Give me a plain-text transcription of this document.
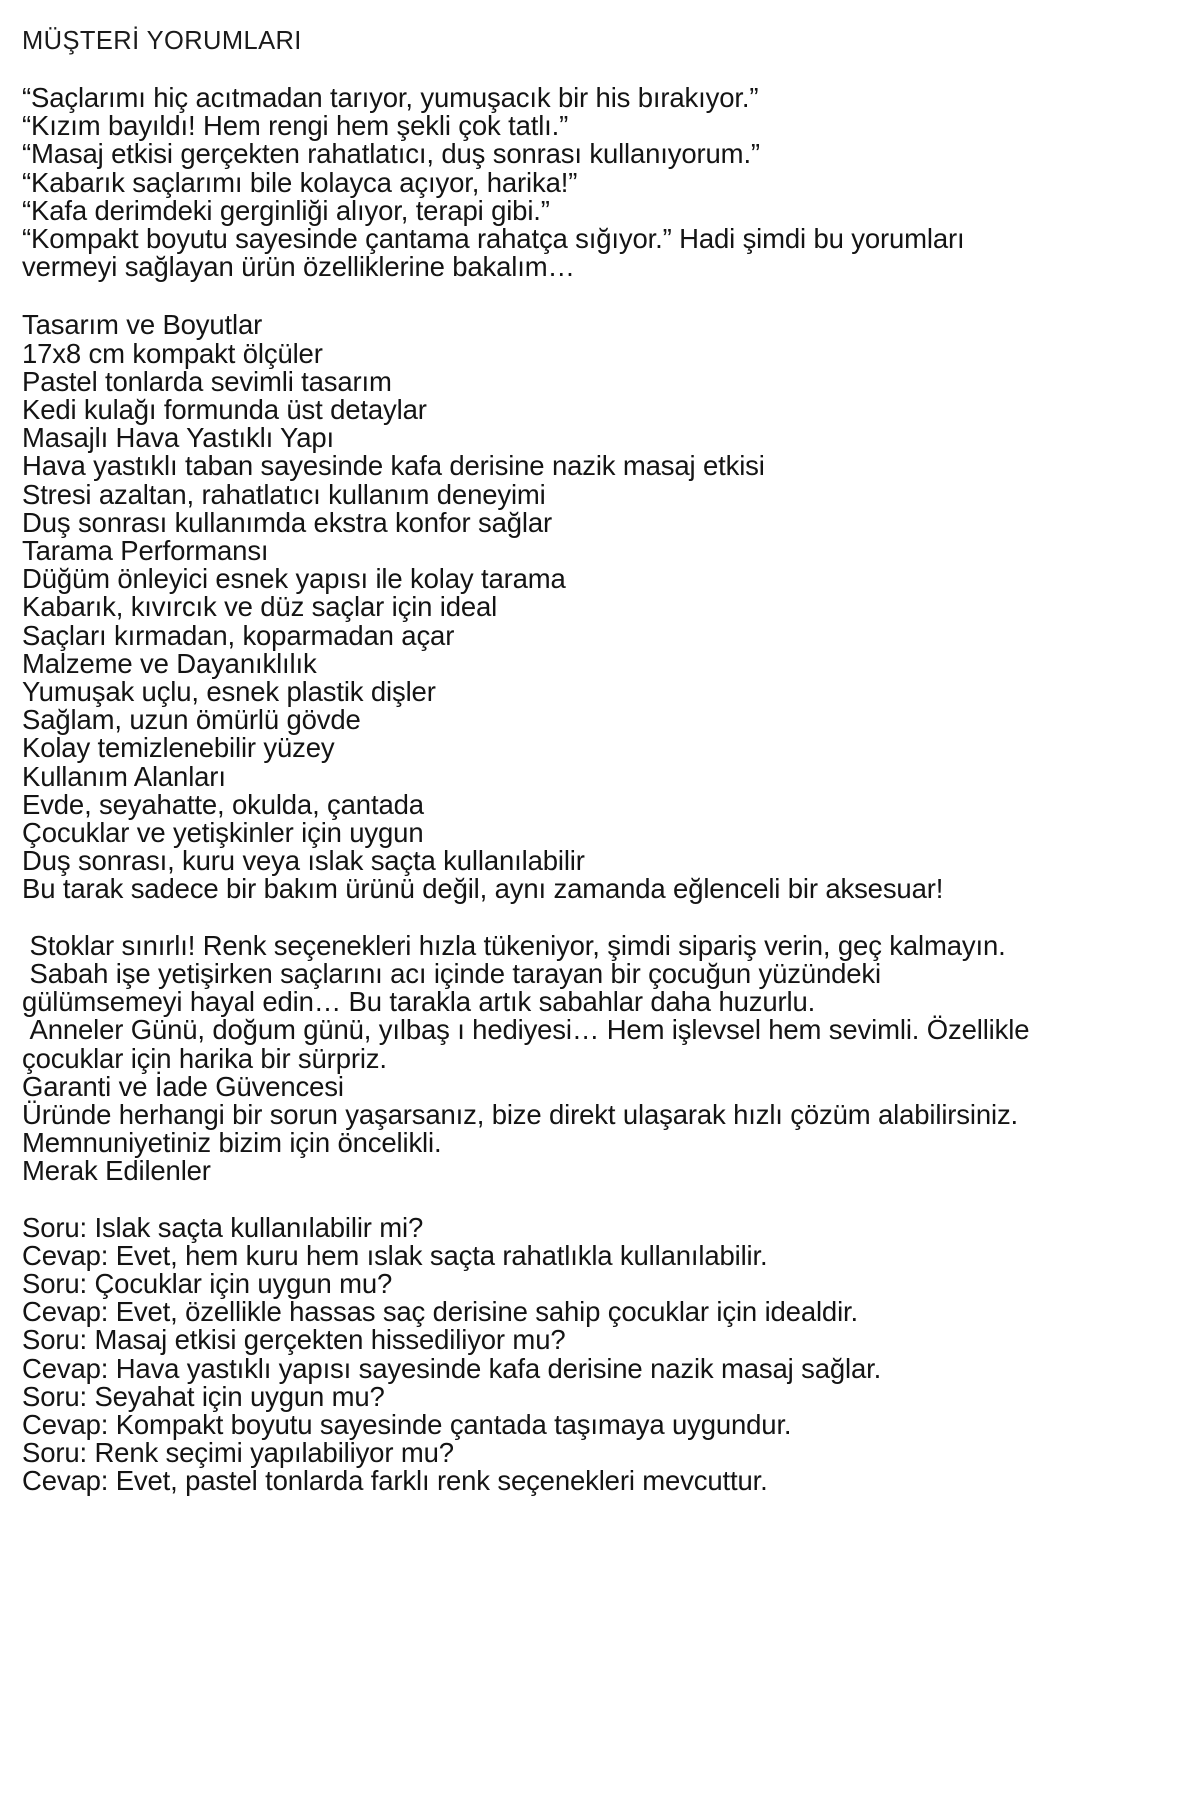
MÜŞTERİ YORUMLARI
“Saçlarımı hiç acıtmadan tarıyor, yumuşacık bir his bırakıyor.”
“Kızım bayıldı! Hem rengi hem şekli çok tatlı.”
“Masaj etkisi gerçekten rahatlatıcı, duş sonrası kullanıyorum.”
“Kabarık saçlarımı bile kolayca açıyor, harika!”
“Kafa derimdeki gerginliği alıyor, terapi gibi.”
“Kompakt boyutu sayesinde çantama rahatça sığıyor.” Hadi şimdi bu yorumları vermeyi sağlayan ürün özelliklerine bakalım…
Tasarım ve Boyutlar
17x8 cm kompakt ölçüler
Pastel tonlarda sevimli tasarım
Kedi kulağı formunda üst detaylar
Masajlı Hava Yastıklı Yapı
Hava yastıklı taban sayesinde kafa derisine nazik masaj etkisi
Stresi azaltan, rahatlatıcı kullanım deneyimi
Duş sonrası kullanımda ekstra konfor sağlar
Tarama Performansı
Düğüm önleyici esnek yapısı ile kolay tarama
Kabarık, kıvırcık ve düz saçlar için ideal
Saçları kırmadan, koparmadan açar
Malzeme ve Dayanıklılık
Yumuşak uçlu, esnek plastik dişler
Sağlam, uzun ömürlü gövde
Kolay temizlenebilir yüzey
Kullanım Alanları
Evde, seyahatte, okulda, çantada
Çocuklar ve yetişkinler için uygun
Duş sonrası, kuru veya ıslak saçta kullanılabilir
Bu tarak sadece bir bakım ürünü değil, aynı zamanda eğlenceli bir aksesuar!
Stoklar sınırlı! Renk seçenekleri hızla tükeniyor, şimdi sipariş verin, geç kalmayın.
Sabah işe yetişirken saçlarını acı içinde tarayan bir çocuğun yüzündeki gülümsemeyi hayal edin… Bu tarakla artık sabahlar daha huzurlu.
Anneler Günü, doğum günü, yılbaş ı hediyesi… Hem işlevsel hem sevimli. Özellikle çocuklar için harika bir sürpriz.
Garanti ve İade Güvencesi
Üründe herhangi bir sorun yaşarsanız, bize direkt ulaşarak hızlı çözüm alabilirsiniz. Memnuniyetiniz bizim için öncelikli.
Merak Edilenler
Soru: Islak saçta kullanılabilir mi?
Cevap: Evet, hem kuru hem ıslak saçta rahatlıkla kullanılabilir.
Soru: Çocuklar için uygun mu?
Cevap: Evet, özellikle hassas saç derisine sahip çocuklar için idealdir.
Soru: Masaj etkisi gerçekten hissediliyor mu?
Cevap: Hava yastıklı yapısı sayesinde kafa derisine nazik masaj sağlar.
Soru: Seyahat için uygun mu?
Cevap: Kompakt boyutu sayesinde çantada taşımaya uygundur.
Soru: Renk seçimi yapılabiliyor mu?
Cevap: Evet, pastel tonlarda farklı renk seçenekleri mevcuttur.
